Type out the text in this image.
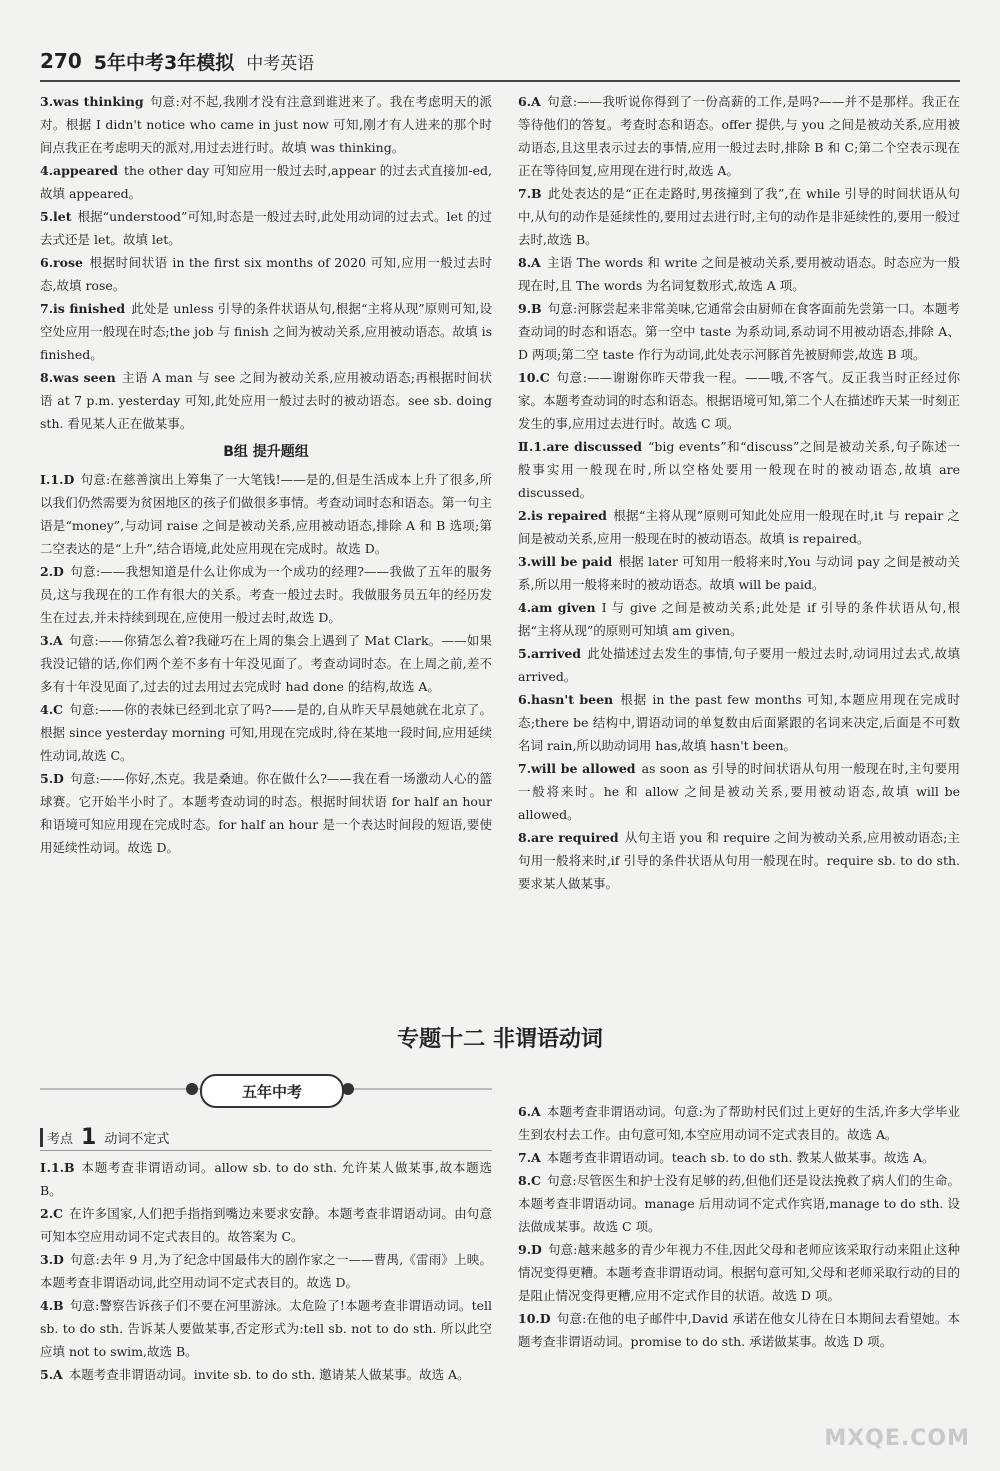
270 5年中考3年模拟 中考英语
3.was thinking 句意:对不起,我刚才没有注意到谁进来了。我在考虑明天的派对。根据 I didn't notice who came in just now 可知,刚才有人进来的那个时间点我正在考虑明天的派对,用过去进行时。故填 was thinking。
4.appeared the other day 可知应用一般过去时,appear 的过去式直接加-ed,故填 appeared。
5.let 根据“understood”可知,时态是一般过去时,此处用动词的过去式。let 的过去式还是 let。故填 let。
6.rose 根据时间状语 in the first six months of 2020 可知,应用一般过去时态,故填 rose。
7.is finished 此处是 unless 引导的条件状语从句,根据“主将从现”原则可知,设空处应用一般现在时态;the job 与 finish 之间为被动关系,应用被动语态。故填 is finished。
8.was seen 主语 A man 与 see 之间为被动关系,应用被动语态;再根据时间状语 at 7 p.m. yesterday 可知,此处应用一般过去时的被动语态。see sb. doing sth. 看见某人正在做某事。
B组 提升题组
Ⅰ.1.D 句意:在慈善演出上筹集了一大笔钱!——是的,但是生活成本上升了很多,所以我们仍然需要为贫困地区的孩子们做很多事情。考查动词时态和语态。第一句主语是“money”,与动词 raise 之间是被动关系,应用被动语态,排除 A 和 B 选项;第二空表达的是“上升”,结合语境,此处应用现在完成时。故选 D。
2.D 句意:——我想知道是什么让你成为一个成功的经理?——我做了五年的服务员,这与我现在的工作有很大的关系。考查一般过去时。我做服务员五年的经历发生在过去,并未持续到现在,应使用一般过去时,故选 D。
3.A 句意:——你猜怎么着?我碰巧在上周的集会上遇到了 Mat Clark。——如果我没记错的话,你们两个差不多有十年没见面了。考查动词时态。在上周之前,差不多有十年没见面了,过去的过去用过去完成时 had done 的结构,故选 A。
4.C 句意:——你的表妹已经到北京了吗?——是的,自从昨天早晨她就在北京了。根据 since yesterday morning 可知,用现在完成时,待在某地一段时间,应用延续性动词,故选 C。
5.D 句意:——你好,杰克。我是桑迪。你在做什么?——我在看一场激动人心的篮球赛。它开始半小时了。本题考查动词的时态。根据时间状语 for half an hour 和语境可知应用现在完成时态。for half an hour 是一个表达时间段的短语,要使用延续性动词。故选 D。
6.A 句意:——我听说你得到了一份高薪的工作,是吗?——并不是那样。我正在等待他们的答复。考查时态和语态。offer 提供,与 you 之间是被动关系,应用被动语态,且这里表示过去的事情,应用一般过去时,排除 B 和 C;第二个空表示现在正在等待回复,应用现在进行时,故选 A。
7.B 此处表达的是“正在走路时,男孩撞到了我”,在 while 引导的时间状语从句中,从句的动作是延续性的,要用过去进行时,主句的动作是非延续性的,要用一般过去时,故选 B。
8.A 主语 The words 和 write 之间是被动关系,要用被动语态。时态应为一般现在时,且 The words 为名词复数形式,故选 A 项。
9.B 句意:河豚尝起来非常美味,它通常会由厨师在食客面前先尝第一口。本题考查动词的时态和语态。第一空中 taste 为系动词,系动词不用被动语态,排除 A、D 两项;第二空 taste 作行为动词,此处表示河豚首先被厨师尝,故选 B 项。
10.C 句意:——谢谢你昨天带我一程。——哦,不客气。反正我当时正经过你家。本题考查动词的时态和语态。根据语境可知,第二个人在描述昨天某一时刻正发生的事,应用过去进行时。故选 C 项。
Ⅱ.1.are discussed “big events”和“discuss”之间是被动关系,句子陈述一般事实用一般现在时,所以空格处要用一般现在时的被动语态,故填 are discussed。
2.is repaired 根据“主将从现”原则可知此处应用一般现在时,it 与 repair 之间是被动关系,应用一般现在时的被动语态。故填 is repaired。
3.will be paid 根据 later 可知用一般将来时,You 与动词 pay 之间是被动关系,所以用一般将来时的被动语态。故填 will be paid。
4.am given I 与 give 之间是被动关系;此处是 if 引导的条件状语从句,根据“主将从现”的原则可知填 am given。
5.arrived 此处描述过去发生的事情,句子要用一般过去时,动词用过去式,故填 arrived。
6.hasn't been 根据 in the past few months 可知,本题应用现在完成时态;there be 结构中,谓语动词的单复数由后面紧跟的名词来决定,后面是不可数名词 rain,所以助动词用 has,故填 hasn't been。
7.will be allowed as soon as 引导的时间状语从句用一般现在时,主句要用一般将来时。he 和 allow 之间是被动关系,要用被动语态,故填 will be allowed。
8.are required 从句主语 you 和 require 之间为被动关系,应用被动语态;主句用一般将来时,if 引导的条件状语从句用一般现在时。require sb. to do sth. 要求某人做某事。
专题十二 非谓语动词
五年中考
考点 1 动词不定式
Ⅰ.1.B 本题考查非谓语动词。allow sb. to do sth. 允许某人做某事,故本题选 B。
2.C 在许多国家,人们把手指指到嘴边来要求安静。本题考查非谓语动词。由句意可知本空应用动词不定式表目的。故答案为 C。
3.D 句意:去年 9 月,为了纪念中国最伟大的剧作家之一——曹禺,《雷雨》上映。本题考查非谓语动词,此空用动词不定式表目的。故选 D。
4.B 句意:警察告诉孩子们不要在河里游泳。太危险了!本题考查非谓语动词。tell sb. to do sth. 告诉某人要做某事,否定形式为:tell sb. not to do sth. 所以此空应填 not to swim,故选 B。
5.A 本题考查非谓语动词。invite sb. to do sth. 邀请某人做某事。故选 A。
6.A 本题考查非谓语动词。句意:为了帮助村民们过上更好的生活,许多大学毕业生到农村去工作。由句意可知,本空应用动词不定式表目的。故选 A。
7.A 本题考查非谓语动词。teach sb. to do sth. 教某人做某事。故选 A。
8.C 句意:尽管医生和护士没有足够的药,但他们还是设法挽救了病人们的生命。本题考查非谓语动词。manage 后用动词不定式作宾语,manage to do sth. 设法做成某事。故选 C 项。
9.D 句意:越来越多的青少年视力不佳,因此父母和老师应该采取行动来阻止这种情况变得更糟。本题考查非谓语动词。根据句意可知,父母和老师采取行动的目的是阻止情况变得更糟,应用不定式作目的状语。故选 D 项。
10.D 句意:在他的电子邮件中,David 承诺在他女儿待在日本期间去看望她。本题考查非谓语动词。promise to do sth. 承诺做某事。故选 D 项。
MXQE.COM
